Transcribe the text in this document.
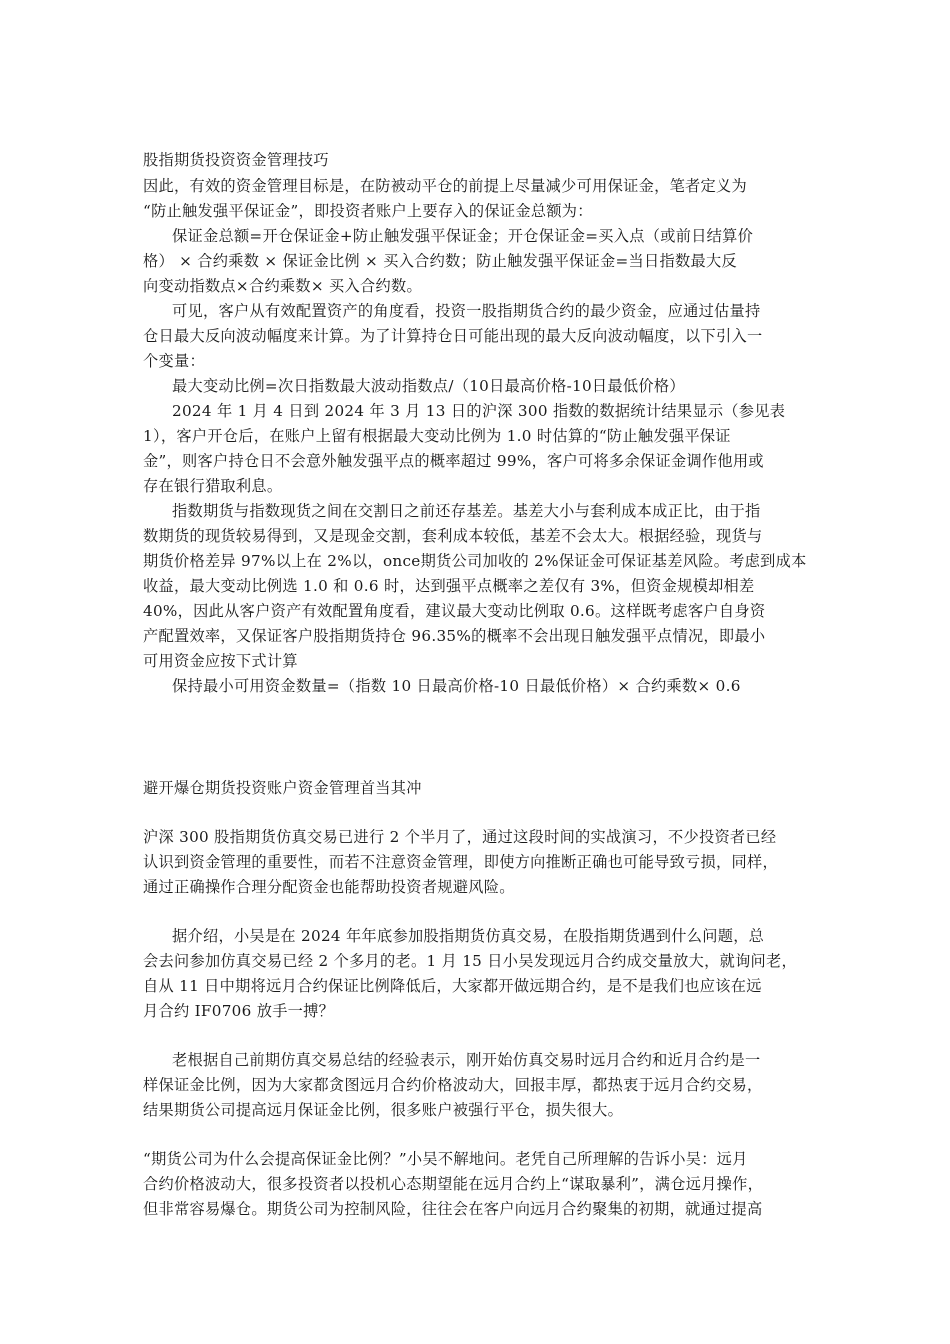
股指期货投资资金管理技巧
因此，有效的资金管理目标是，在防被动平仓的前提上尽量减少可用保证金，笔者定义为
“防止触发强平保证金”，即投资者账户上要存入的保证金总额为：
保证金总额=开仓保证金+防止触发强平保证金；开仓保证金=买入点（或前日结算价
格） × 合约乘数 × 保证金比例 × 买入合约数；防止触发强平保证金=当日指数最大反
向变动指数点×合约乘数× 买入合约数。
可见，客户从有效配置资产的角度看，投资一股指期货合约的最少资金，应通过估量持
仓日最大反向波动幅度来计算。为了计算持仓日可能出现的最大反向波动幅度，以下引入一
个变量：
最大变动比例=次日指数最大波动指数点/（10日最高价格-10日最低价格）
2024 年 1 月 4 日到 2024 年 3 月 13 日的沪深 300 指数的数据统计结果显示（参见表
1），客户开仓后，在账户上留有根据最大变动比例为 1.0 时估算的“防止触发强平保证
金”，则客户持仓日不会意外触发强平点的概率超过 99%，客户可将多余保证金调作他用或
存在银行猎取利息。
指数期货与指数现货之间在交割日之前还存基差。基差大小与套利成本成正比，由于指
数期货的现货较易得到，又是现金交割，套利成本较低，基差不会太大。根据经验，现货与
期货价格差异 97%以上在 2%以，once期货公司加收的 2%保证金可保证基差风险。考虑到成本
收益，最大变动比例选 1.0 和 0.6 时，达到强平点概率之差仅有 3%，但资金规模却相差
40%，因此从客户资产有效配置角度看，建议最大变动比例取 0.6。这样既考虑客户自身资
产配置效率，又保证客户股指期货持仓 96.35%的概率不会出现日触发强平点情况，即最小
可用资金应按下式计算
保持最小可用资金数量=（指数 10 日最高价格-10 日最低价格）× 合约乘数× 0.6
避开爆仓期货投资账户资金管理首当其冲
沪深 300 股指期货仿真交易已进行 2 个半月了，通过这段时间的实战演习，不少投资者已经
认识到资金管理的重要性，而若不注意资金管理，即使方向推断正确也可能导致亏损，同样，
通过正确操作合理分配资金也能帮助投资者规避风险。
据介绍，小吴是在 2024 年年底参加股指期货仿真交易，在股指期货遇到什么问题，总
会去问参加仿真交易已经 2 个多月的老。1 月 15 日小吴发现远月合约成交量放大，就询问老，
自从 11 日中期将远月合约保证比例降低后，大家都开做远期合约，是不是我们也应该在远
月合约 IF0706 放手一搏？
老根据自己前期仿真交易总结的经验表示，刚开始仿真交易时远月合约和近月合约是一
样保证金比例，因为大家都贪图远月合约价格波动大，回报丰厚，都热衷于远月合约交易，
结果期货公司提高远月保证金比例，很多账户被强行平仓，损失很大。
“期货公司为什么会提高保证金比例？”小吴不解地问。老凭自己所理解的告诉小吴：远月
合约价格波动大，很多投资者以投机心态期望能在远月合约上“谋取暴利”，满仓远月操作，
但非常容易爆仓。期货公司为控制风险，往往会在客户向远月合约聚集的初期，就通过提高
